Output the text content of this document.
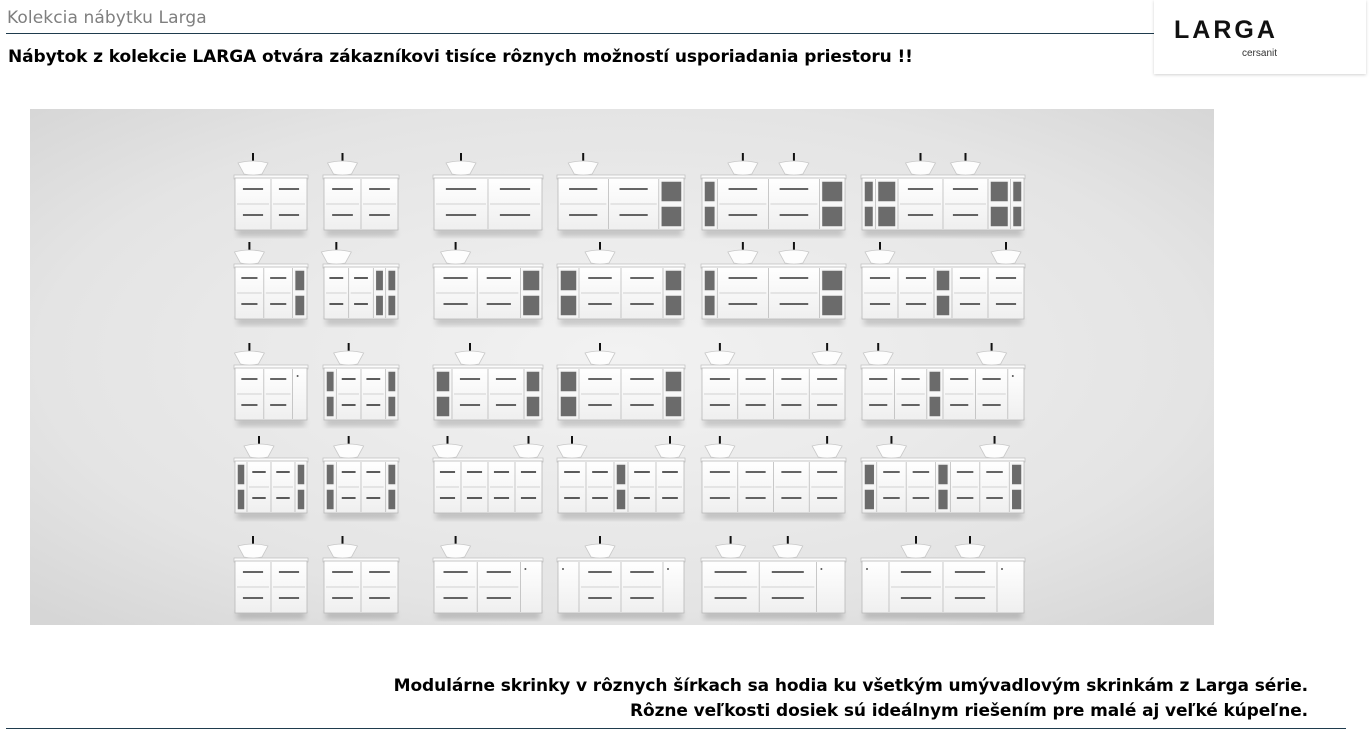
Kolekcia nábytku Larga
Nábytok z kolekcie LARGA otvára zákazníkovi tisíce rôznych možností usporiadania priestoru !!
LARGA
cersanit
Modulárne skrinky v rôznych šírkach sa hodia ku všetkým umývadlovým skrinkám z Larga série.
Rôzne veľkosti dosiek sú ideálnym riešením pre malé aj veľké kúpeľne.
